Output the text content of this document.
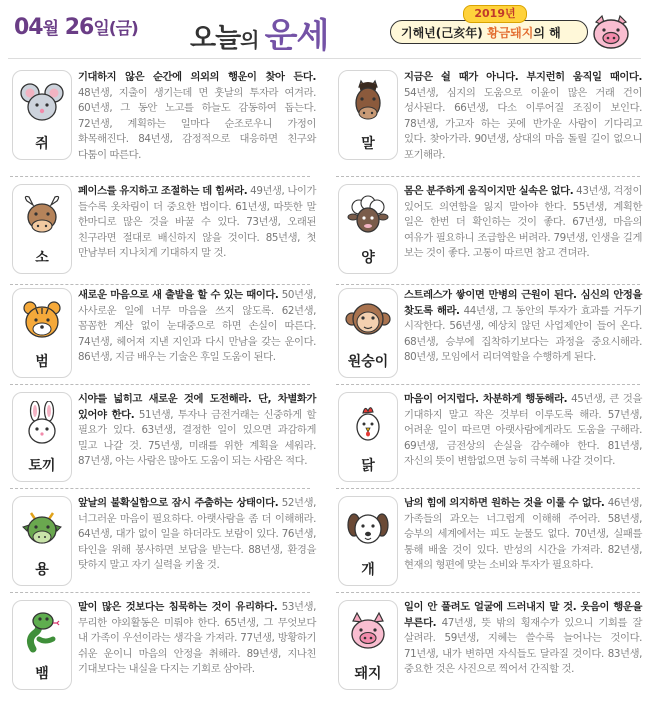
04월 26일(금) 오늘의 운세
2019년
기해년(己亥年) 황금돼지의 해
쥐
기대하지 않은 순간에 의외의 행운이 찾아 든다. 48년생, 지출이 생기는데 면 훗날의 투자라 여겨라. 60년생, 그 동안 노고를 하늘도 감동하여 돕는다. 72년생, 계획하는 일마다 순조로우니 가정이 화목해진다. 84년생, 감정적으로 대응하면 친구와 다툼이 따른다.
소
페이스를 유지하고 조절하는 데 힘써라. 49년생, 나이가 들수록 옷차림이 더 중요한 법이다. 61년생, 따뜻한 말 한마디로 많은 것을 바꿀 수 있다. 73년생, 오래된 친구라면 절대로 배신하지 않을 것이다. 85년생, 첫 만남부터 지나치게 기대하지 말 것.
범
새로운 마음으로 새 출발을 할 수 있는 때이다. 50년생, 사사로운 일에 너무 마음을 쓰지 않도록. 62년생, 꼼꼼한 계산 없이 눈대중으로 하면 손실이 따른다. 74년생, 헤어져 지낸 지인과 다시 만남을 갖는 운이다. 86년생, 지금 배우는 기술은 후일 도움이 된다.
토끼
시야를 넓히고 새로운 것에 도전해라. 단, 차별화가 있어야 한다. 51년생, 투자나 금전거래는 신중하게 할 필요가 있다. 63년생, 결정한 일이 있으면 과감하게 밀고 나갈 것. 75년생, 미래를 위한 계획을 세워라. 87년생, 아는 사람은 많아도 도움이 되는 사람은 적다.
용
앞날의 불확실함으로 잠시 주춤하는 상태이다. 52년생, 너그러운 마음이 필요하다. 아랫사람을 좀 더 이해해라. 64년생, 대가 없이 일을 하더라도 보람이 있다. 76년생, 타인을 위해 봉사하면 보답을 받는다. 88년생, 환경을 탓하지 말고 자기 실력을 키울 것.
뱀
말이 많은 것보다는 침묵하는 것이 유리하다. 53년생, 무리한 야외활동은 미뤄야 한다. 65년생, 그 무엇보다 내 가족이 우선이라는 생각을 가져라. 77년생, 방황하기 쉬운 운이니 마음의 안정을 취해라. 89년생, 지나친 기대보다는 내실을 다지는 기회로 삼아라.
말
지금은 쉴 때가 아니다. 부지런히 움직일 때이다. 54년생, 심지의 도움으로 이윤이 많은 거래 건이 성사된다. 66년생, 다소 이루어질 조짐이 보인다. 78년생, 가고자 하는 곳에 반가운 사람이 기다리고 있다. 찾아가라. 90년생, 상대의 마음 돌릴 길이 없으니 포기해라.
양
몸은 분주하게 움직이지만 실속은 없다. 43년생, 걱정이 있어도 의연함을 잃지 말아야 한다. 55년생, 계획한 일은 한번 더 확인하는 것이 좋다. 67년생, 마음의 여유가 필요하니 조급함은 버려라. 79년생, 인생을 길게 보는 것이 좋다. 고통이 따르면 참고 견뎌라.
원숭이
스트레스가 쌓이면 만병의 근원이 된다. 심신의 안정을 찾도록 해라. 44년생, 그 동안의 투자가 효과를 거두기 시작한다. 56년생, 예상치 않던 사업제안이 들어 온다. 68년생, 승부에 집착하기보다는 과정을 중요시해라. 80년생, 모임에서 리더역할을 수행하게 된다.
닭
마음이 어지럽다. 차분하게 행동해라. 45년생, 큰 것을 기대하지 말고 작은 것부터 이루도록 해라. 57년생, 어려운 일이 따르면 아랫사람에게라도 도움을 구해라. 69년생, 금전상의 손실을 감수해야 한다. 81년생, 자신의 뜻이 변함없으면 능히 극복해 나갈 것이다.
개
남의 힘에 의지하면 원하는 것을 이룰 수 없다. 46년생, 가족들의 과오는 너그럽게 이해해 주어라. 58년생, 승부의 세계에서는 피도 눈물도 없다. 70년생, 실패를 통해 배울 것이 있다. 반성의 시간을 가져라. 82년생, 현재의 형편에 맞는 소비와 투자가 필요하다.
돼지
일이 안 풀려도 얼굴에 드러내지 말 것. 웃음이 행운을 부른다. 47년생, 뜻 밖의 횡재수가 있으니 기회를 잘 살려라. 59년생, 지혜는 쓸수록 늘어나는 것이다. 71년생, 내가 변하면 자식들도 달라질 것이다. 83년생, 중요한 것은 사진으로 찍어서 간직할 것.
